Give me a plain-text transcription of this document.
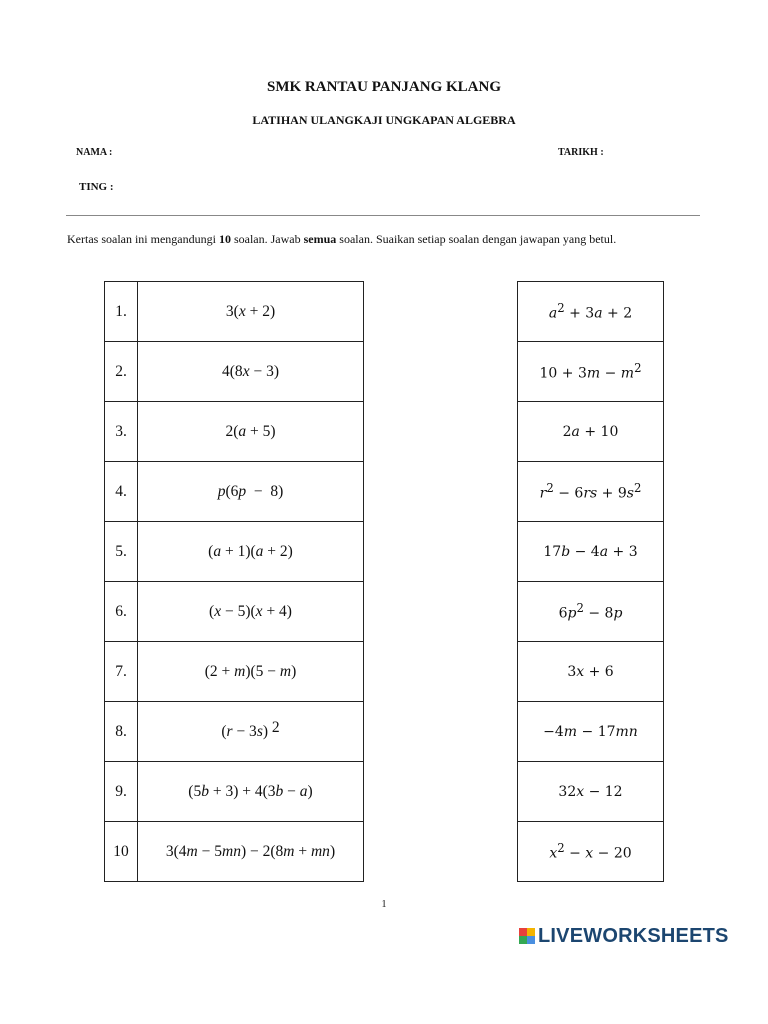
SMK RANTAU PANJANG KLANG
LATIHAN ULANGKAJI UNGKAPAN ALGEBRA
NAMA :	TARIKH :
TING :
Kertas soalan ini mengandungi 10 soalan. Jawab semua soalan. Suaikan setiap soalan dengan jawapan yang betul.
1.	3(x + 2)
2.	4(8x − 3)
3.	2(a + 5)
4.	p(6p  −  8)
5.	(a + 1)(a + 2)
6.	(x − 5)(x + 4)
7.	(2 + m)(5 − m)
8.	(r − 3s) 2
9.	(5b + 3) + 4(3b − a)
10	3(4m − 5mn) − 2(8m + mn)
$a^2 + 3a + 2$
$10 + 3m - m^2$
2a + 10
$r^2 - 6rs + 9s^2$
17b − 4a + 3
$6p^2 - 8p$
3x + 6
−4m − 17mn
32x − 12
$x^2 - x - 20$
1
LIVEWORKSHEETS
